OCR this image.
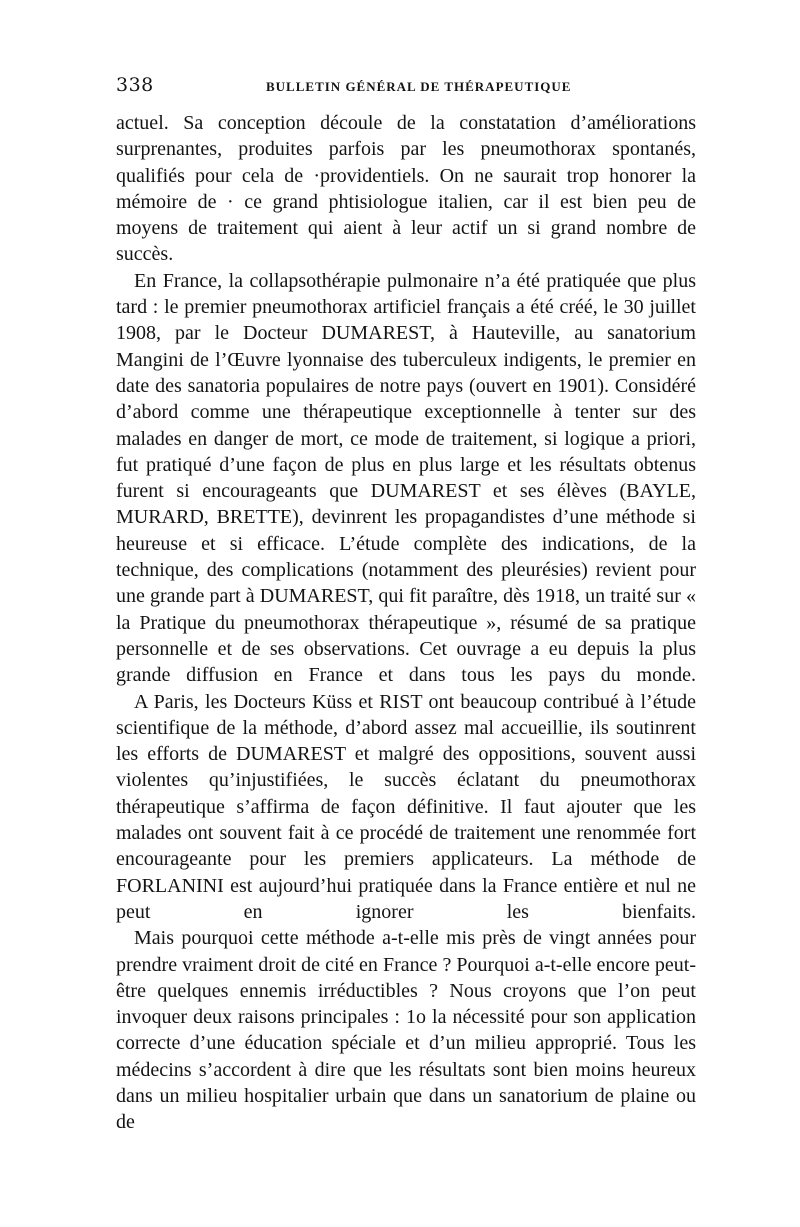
338	BULLETIN GÉNÉRAL DE THÉRAPEUTIQUE
actuel. Sa conception découle de la constatation d’améliorations surprenantes, produites parfois par les pneumothorax spontanés, qualifiés pour cela de ·providentiels. On ne saurait trop honorer la mémoire de · ce grand phtisiologue italien, car il est bien peu de moyens de traitement qui aient à leur actif un si grand nombre de succès.
En France, la collapsothérapie pulmonaire n’a été pratiquée que plus tard : le premier pneumothorax artificiel français a été créé, le 30 juillet 1908, par le Docteur DUMAREST, à Hauteville, au sanatorium Mangini de l’Œuvre lyonnaise des tuberculeux indigents, le premier en date des sanatoria populaires de notre pays (ouvert en 1901). Considéré d’abord comme une thérapeutique exceptionnelle à tenter sur des malades en danger de mort, ce mode de traitement, si logique a priori, fut pratiqué d’une façon de plus en plus large et les résultats obtenus furent si encourageants que DUMAREST et ses élèves (BAYLE, MURARD, BRETTE), devinrent les propagandistes d’une méthode si heureuse et si efficace. L’étude complète des indications, de la technique, des complications (notamment des pleurésies) revient pour une grande part à DUMAREST, qui fit paraître, dès 1918, un traité sur « la Pratique du pneumothorax thérapeutique », résumé de sa pratique personnelle et de ses observations. Cet ouvrage a eu depuis la plus grande diffusion en France et dans tous les pays du monde.
A Paris, les Docteurs Küss et RIST ont beaucoup contribué à l’étude scientifique de la méthode, d’abord assez mal accueillie, ils soutinrent les efforts de DUMAREST et malgré des oppositions, souvent aussi violentes qu’injustifiées, le succès éclatant du pneumothorax thérapeutique s’affirma de façon définitive. Il faut ajouter que les malades ont souvent fait à ce procédé de traitement une renommée fort encourageante pour les premiers applicateurs. La méthode de FORLANINI est aujourd’hui pratiquée dans la France entière et nul ne peut en ignorer les bienfaits.
Mais pourquoi cette méthode a-t-elle mis près de vingt années pour prendre vraiment droit de cité en France ? Pourquoi a-t-elle encore peut-être quelques ennemis irréductibles ? Nous croyons que l’on peut invoquer deux raisons principales : 1o la nécessité pour son application correcte d’une éducation spéciale et d’un milieu approprié. Tous les médecins s’accordent à dire que les résultats sont bien moins heureux dans un milieu hospitalier urbain que dans un sanatorium de plaine ou de
